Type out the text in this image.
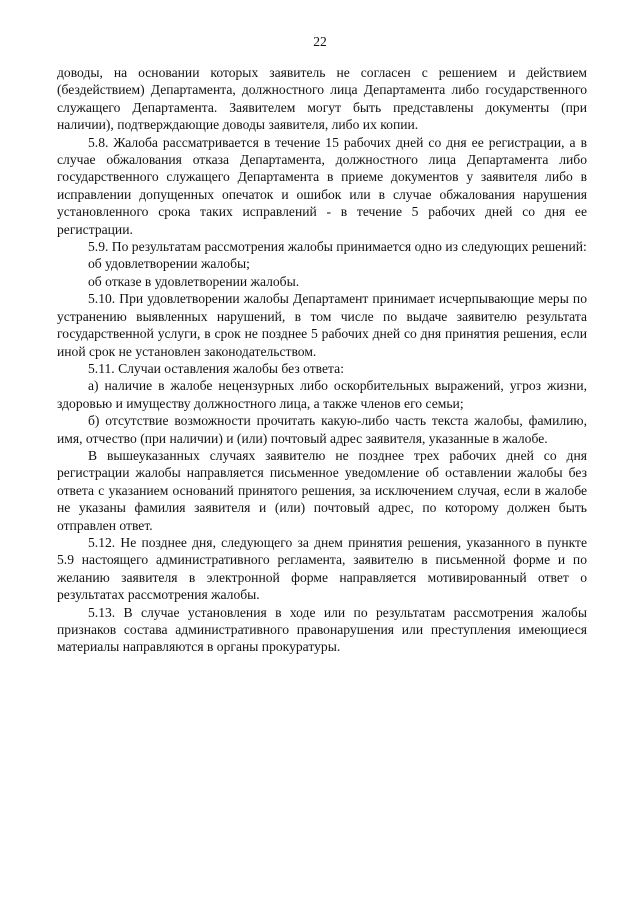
22

доводы, на основании которых заявитель не согласен с решением и действием (бездействием) Департамента, должностного лица Департамента либо государственного служащего Департамента. Заявителем могут быть представлены документы (при наличии), подтверждающие доводы заявителя, либо их копии.

5.8. Жалоба рассматривается в течение 15 рабочих дней со дня ее регистрации, а в случае обжалования отказа Департамента, должностного лица Департамента либо государственного служащего Департамента в приеме документов у заявителя либо в исправлении допущенных опечаток и ошибок или в случае обжалования нарушения установленного срока таких исправлений - в течение 5 рабочих дней со дня ее регистрации.

5.9. По результатам рассмотрения жалобы принимается одно из следующих решений:

об удовлетворении жалобы;

об отказе в удовлетворении жалобы.

5.10. При удовлетворении жалобы Департамент принимает исчерпывающие меры по устранению выявленных нарушений, в том числе по выдаче заявителю результата государственной услуги, в срок не позднее 5 рабочих дней со дня принятия решения, если иной срок не установлен законодательством.

5.11. Случаи оставления жалобы без ответа:

а) наличие в жалобе нецензурных либо оскорбительных выражений, угроз жизни, здоровью и имуществу должностного лица, а также членов его семьи;

б) отсутствие возможности прочитать какую-либо часть текста жалобы, фамилию, имя, отчество (при наличии) и (или) почтовый адрес заявителя, указанные в жалобе.

В вышеуказанных случаях заявителю не позднее трех рабочих дней со дня регистрации жалобы направляется письменное уведомление об оставлении жалобы без ответа с указанием оснований принятого решения, за исключением случая, если в жалобе не указаны фамилия заявителя и (или) почтовый адрес, по которому должен быть отправлен ответ.

5.12. Не позднее дня, следующего за днем принятия решения, указанного в пункте 5.9 настоящего административного регламента, заявителю в письменной форме и по желанию заявителя в электронной форме направляется мотивированный ответ о результатах рассмотрения жалобы.

5.13. В случае установления в ходе или по результатам рассмотрения жалобы признаков состава административного правонарушения или преступления имеющиеся материалы направляются в органы прокуратуры.
